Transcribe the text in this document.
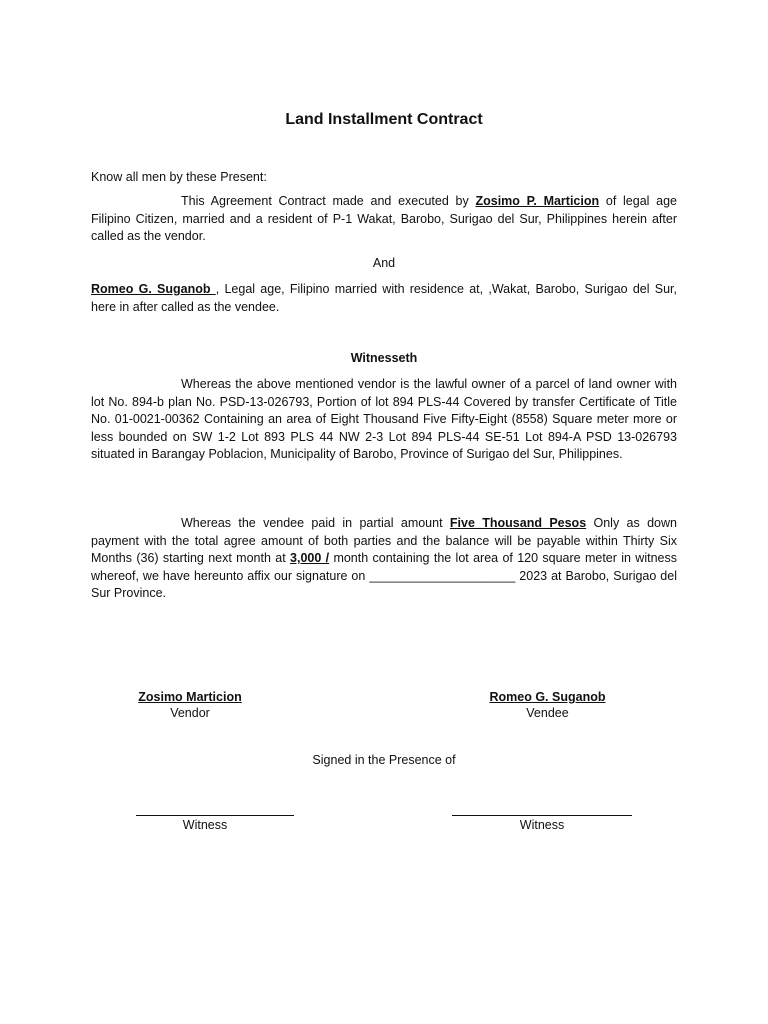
Land Installment Contract
Know all men by these Present:
This Agreement Contract made and executed by Zosimo P. Marticion of legal age Filipino Citizen, married and a resident of P-1 Wakat, Barobo, Surigao del Sur, Philippines herein after called as the vendor.
And
Romeo G. Suganob , Legal age, Filipino married with residence at, ,Wakat, Barobo, Surigao del Sur, here in after called as the vendee.
Witnesseth
Whereas the above mentioned vendor is the lawful owner of a parcel of land owner with lot No. 894-b plan No. PSD-13-026793, Portion of lot 894 PLS-44 Covered by transfer Certificate of Title No. 01-0021-00362 Containing an area of Eight Thousand Five Fifty-Eight (8558) Square meter more or less bounded on SW 1-2 Lot 893 PLS 44 NW 2-3 Lot 894 PLS-44 SE-51 Lot 894-A PSD 13-026793 situated in Barangay Poblacion, Municipality of Barobo, Province of Surigao del Sur, Philippines.
Whereas the vendee paid in partial amount Five Thousand Pesos Only as down payment with the total agree amount of both parties and the balance will be payable within Thirty Six Months (36) starting next month at 3,000 / month containing the lot area of 120 square meter in witness whereof, we have hereunto affix our signature on _____________________ 2023 at Barobo, Surigao del Sur Province.
Zosimo Marticion
Vendor
Romeo G. Suganob
Vendee
Signed in the Presence of
Witness	Witness
